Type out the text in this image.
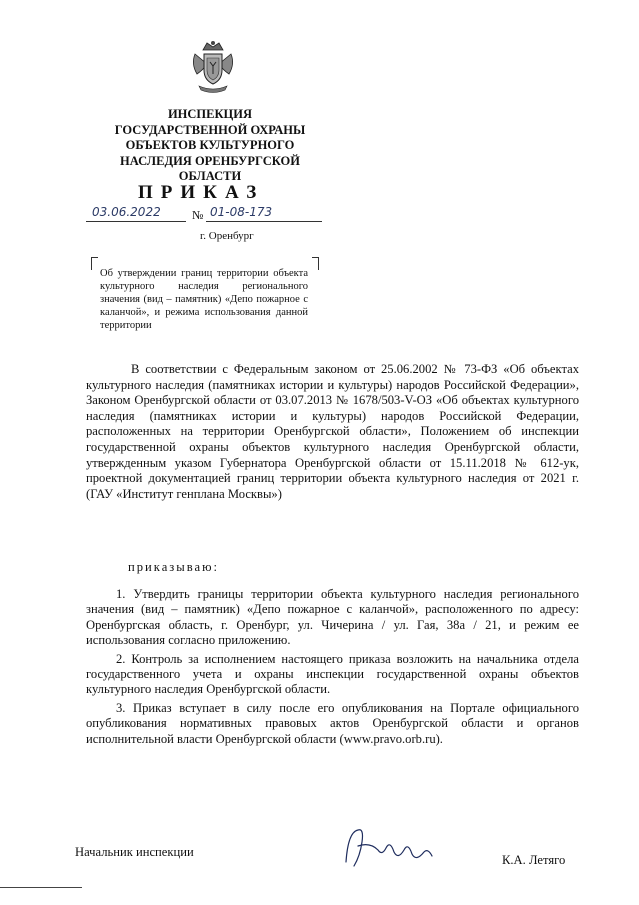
ИНСПЕКЦИЯ
ГОСУДАРСТВЕННОЙ ОХРАНЫ
ОБЪЕКТОВ КУЛЬТУРНОГО
НАСЛЕДИЯ ОРЕНБУРГСКОЙ
ОБЛАСТИ
ПРИКАЗ
03.06.2022	№ 01-08-173
г. Оренбург
Об утверждении границ территории объекта культурного наследия регионального значения (вид – памятник) «Депо пожарное с каланчой», и режима использования данной территории

В соответствии с Федеральным законом от 25.06.2002 № 73-ФЗ «Об объектах культурного наследия (памятниках истории и культуры) народов Российской Федерации», Законом Оренбургской области от 03.07.2013 № 1678/503-V-ОЗ «Об объектах культурного наследия (памятниках истории и культуры) народов Российской Федерации, расположенных на территории Оренбургской области», Положением об инспекции государственной охраны объектов культурного наследия Оренбургской области, утвержденным указом Губернатора Оренбургской области от 15.11.2018 № 612-ук, проектной документацией границ территории объекта культурного наследия от 2021 г. (ГАУ «Институт генплана Москвы»)

приказываю:

1. Утвердить границы территории объекта культурного наследия регионального значения (вид – памятник) «Депо пожарное с каланчой», расположенного по адресу: Оренбургская область, г. Оренбург, ул. Чичерина / ул. Гая, 38а / 21, и режим ее использования согласно приложению.

2. Контроль за исполнением настоящего приказа возложить на начальника отдела государственного учета и охраны инспекции государственной охраны объектов культурного наследия Оренбургской области.

3. Приказ вступает в силу после его опубликования на Портале официального опубликования нормативных правовых актов Оренбургской области и органов исполнительной власти Оренбургской области (www.pravo.orb.ru).

Начальник инспекции
К.А. Летяго
